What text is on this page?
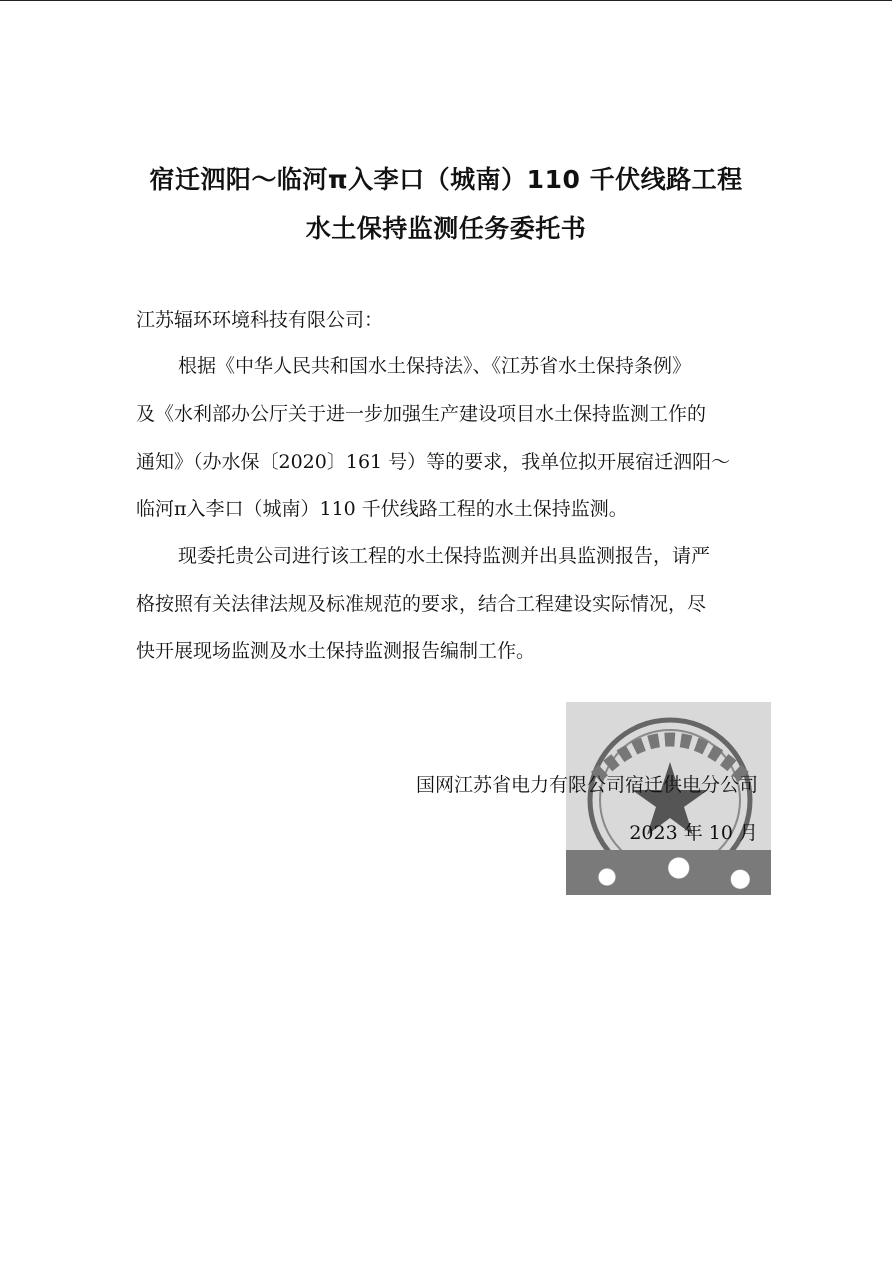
宿迁泗阳～临河π入李口（城南）110 千伏线路工程
水土保持监测任务委托书
江苏辐环环境科技有限公司：
根据《中华人民共和国水土保持法》、《江苏省水土保持条例》
及《水利部办公厅关于进一步加强生产建设项目水土保持监测工作的
通知》（办水保〔2020〕161 号）等的要求，我单位拟开展宿迁泗阳～
临河π入李口（城南）110 千伏线路工程的水土保持监测。
现委托贵公司进行该工程的水土保持监测并出具监测报告，请严
格按照有关法律法规及标准规范的要求，结合工程建设实际情况，尽
快开展现场监测及水土保持监测报告编制工作。
国网江苏省电力有限公司宿迁供电分公司
2023 年 10 月
